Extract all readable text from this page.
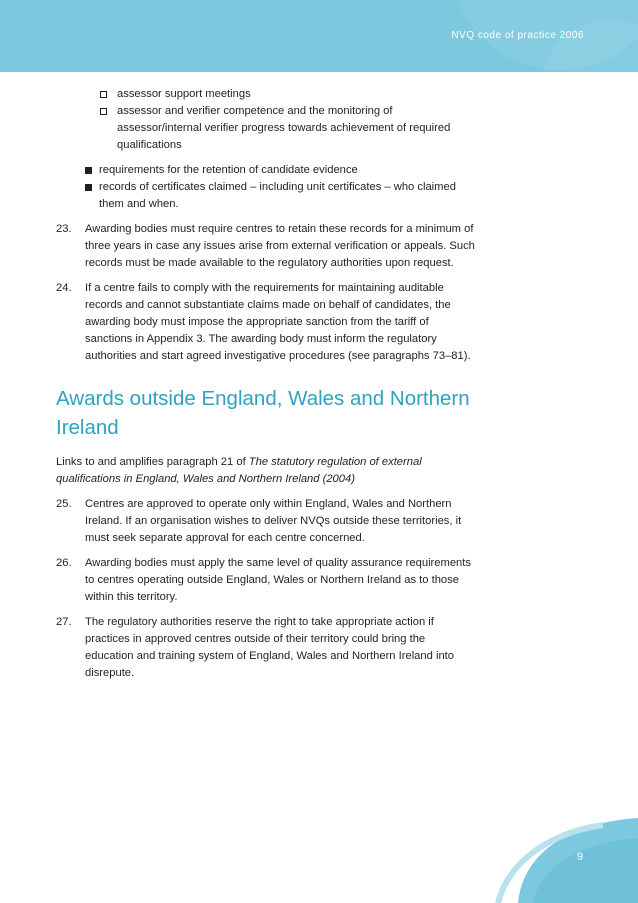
NVQ code of practice 2006
assessor support meetings
assessor and verifier competence and the monitoring of assessor/internal verifier progress towards achievement of required qualifications
requirements for the retention of candidate evidence
records of certificates claimed – including unit certificates – who claimed them and when.

23. Awarding bodies must require centres to retain these records for a minimum of three years in case any issues arise from external verification or appeals. Such records must be made available to the regulatory authorities upon request.

24. If a centre fails to comply with the requirements for maintaining auditable records and cannot substantiate claims made on behalf of candidates, the awarding body must impose the appropriate sanction from the tariff of sanctions in Appendix 3. The awarding body must inform the regulatory authorities and start agreed investigative procedures (see paragraphs 73–81).

Awards outside England, Wales and Northern Ireland

Links to and amplifies paragraph 21 of The statutory regulation of external qualifications in England, Wales and Northern Ireland (2004)

25. Centres are approved to operate only within England, Wales and Northern Ireland. If an organisation wishes to deliver NVQs outside these territories, it must seek separate approval for each centre concerned.

26. Awarding bodies must apply the same level of quality assurance requirements to centres operating outside England, Wales or Northern Ireland as to those within this territory.

27. The regulatory authorities reserve the right to take appropriate action if practices in approved centres outside of their territory could bring the education and training system of England, Wales and Northern Ireland into disrepute.

9
